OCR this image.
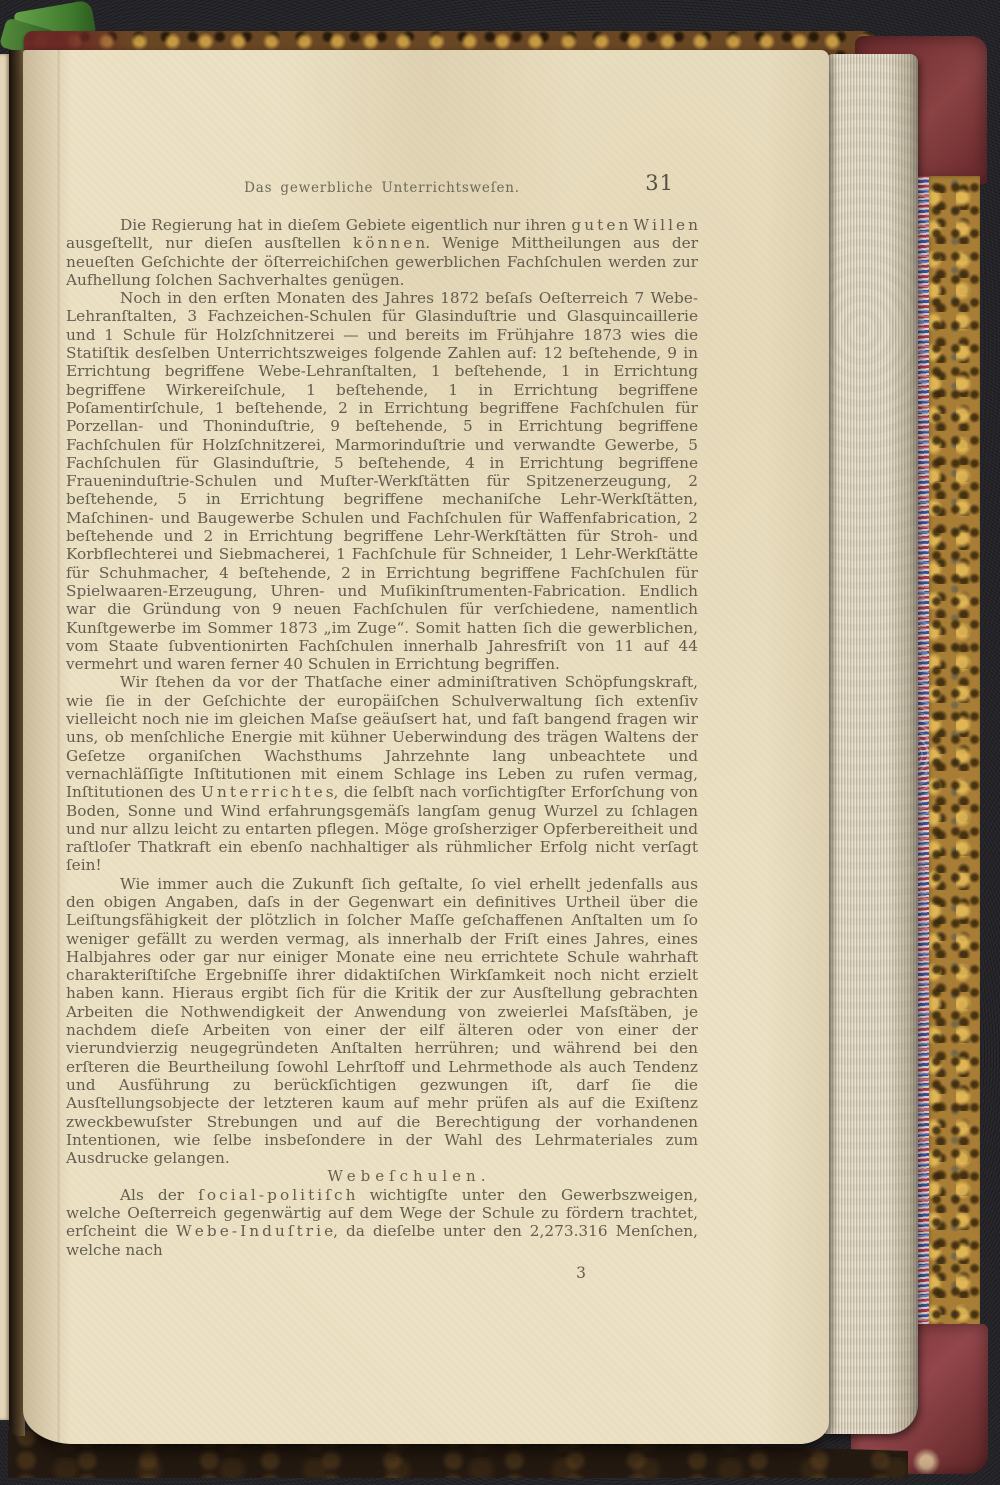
Das gewerbliche Unterrichtsweſen.	31

Die Regierung hat in dieſem Gebiete eigentlich nur ihren g u t e n W i l l e n ausgeſtellt, nur dieſen ausſtellen k ö n n e n. Wenige Mittheilungen aus der neueſten Geſchichte der öſterreichiſchen gewerblichen Fachſchulen werden zur Aufhellung ſolchen Sachverhaltes genügen.

Noch in den erſten Monaten des Jahres 1872 beſaſs Oeſterreich 7 Webe-Lehranſtalten, 3 Fachzeichen-Schulen für Glasinduſtrie und Glasquincaillerie und 1 Schule für Holzſchnitzerei — und bereits im Frühjahre 1873 wies die Statiſtik desſelben Unterrichtszweiges folgende Zahlen auf: 12 beſtehende, 9 in Errichtung begriffene Webe-Lehranſtalten, 1 beſtehende, 1 in Errichtung begriffene Wirkereiſchule, 1 beſtehende, 1 in Errichtung begriffene Poſamentirſchule, 1 beſtehende, 2 in Errichtung begriffene Fachſchulen für Porzellan- und Thoninduſtrie, 9 beſtehende, 5 in Errichtung begriffene Fachſchulen für Holzſchnitzerei, Marmorinduſtrie und verwandte Gewerbe, 5 Fachſchulen für Glasinduſtrie, 5 beſtehende, 4 in Errichtung begriffene Fraueninduſtrie-Schulen und Muſter-Werkſtätten für Spitzenerzeugung, 2 beſtehende, 5 in Errichtung begriffene mechaniſche Lehr-Werkſtätten, Maſchinen- und Baugewerbe Schulen und Fachſchulen für Waffenfabrication, 2 beſtehende und 2 in Errichtung begriffene Lehr-Werkſtätten für Stroh- und Korbflechterei und Siebmacherei, 1 Fachſchule für Schneider, 1 Lehr-Werkſtätte für Schuhmacher, 4 beſtehende, 2 in Errichtung begriffene Fachſchulen für Spielwaaren-Erzeugung, Uhren- und Muſikinſtrumenten-Fabrication. Endlich war die Gründung von 9 neuen Fachſchulen für verſchiedene, namentlich Kunſtgewerbe im Sommer 1873 „im Zuge“. Somit hatten ſich die gewerblichen, vom Staate ſubventionirten Fachſchulen innerhalb Jahresfriſt von 11 auf 44 vermehrt und waren ferner 40 Schulen in Errichtung begriffen.

Wir ſtehen da vor der Thatſache einer adminiſtrativen Schöpfungskraft, wie ſie in der Geſchichte der europäiſchen Schulverwaltung ſich extenſiv vielleicht noch nie im gleichen Maſse geäuſsert hat, und faſt bangend fragen wir uns, ob menſchliche Energie mit kühner Ueberwindung des trägen Waltens der Geſetze organiſchen Wachsthums Jahrzehnte lang unbeachtete und vernachläſſigte Inſtitutionen mit einem Schlage ins Leben zu rufen vermag, Inſtitutionen des U n t e r r i c h t e s, die ſelbſt nach vorſichtigſter Erforſchung von Boden, Sonne und Wind erfahrungsgemäſs langſam genug Wurzel zu ſchlagen und nur allzu leicht zu entarten pflegen. Möge groſsherziger Opferbereitheit und raſtloſer Thatkraft ein ebenſo nachhaltiger als rühmlicher Erfolg nicht verſagt ſein!

Wie immer auch die Zukunft ſich geſtalte, ſo viel erhellt jedenfalls aus den obigen Angaben, daſs in der Gegenwart ein definitives Urtheil über die Leiſtungsfähigkeit der plötzlich in ſolcher Maſſe geſchaffenen Anſtalten um ſo weniger gefällt zu werden vermag, als innerhalb der Friſt eines Jahres, eines Halbjahres oder gar nur einiger Monate eine neu errichtete Schule wahrhaft charakteriſtiſche Ergebniſſe ihrer didaktiſchen Wirkſamkeit noch nicht erzielt haben kann. Hieraus ergibt ſich für die Kritik der zur Ausſtellung gebrachten Arbeiten die Nothwendigkeit der Anwendung von zweierlei Maſsſtäben, je nachdem dieſe Arbeiten von einer der eilf älteren oder von einer der vierundvierzig neugegründeten Anſtalten herrühren; und während bei den erſteren die Beurtheilung ſowohl Lehrſtoff und Lehrmethode als auch Tendenz und Ausführung zu berückſichtigen gezwungen iſt, darf ſie die Ausſtellungsobjecte der letzteren kaum auf mehr prüfen als auf die Exiſtenz zweckbewuſster Strebungen und auf die Berechtigung der vorhandenen Intentionen, wie ſelbe insbeſondere in der Wahl des Lehrmateriales zum Ausdrucke gelangen.

Webeſchulen.

Als der ſ o c i a l - p o l i t i ſ c h wichtigſte unter den Gewerbszweigen, welche Oeſterreich gegenwärtig auf dem Wege der Schule zu fördern trachtet, erſcheint die W e b e - I n d u ſ t r i e, da dieſelbe unter den 2,273.316 Menſchen, welche nach

3
